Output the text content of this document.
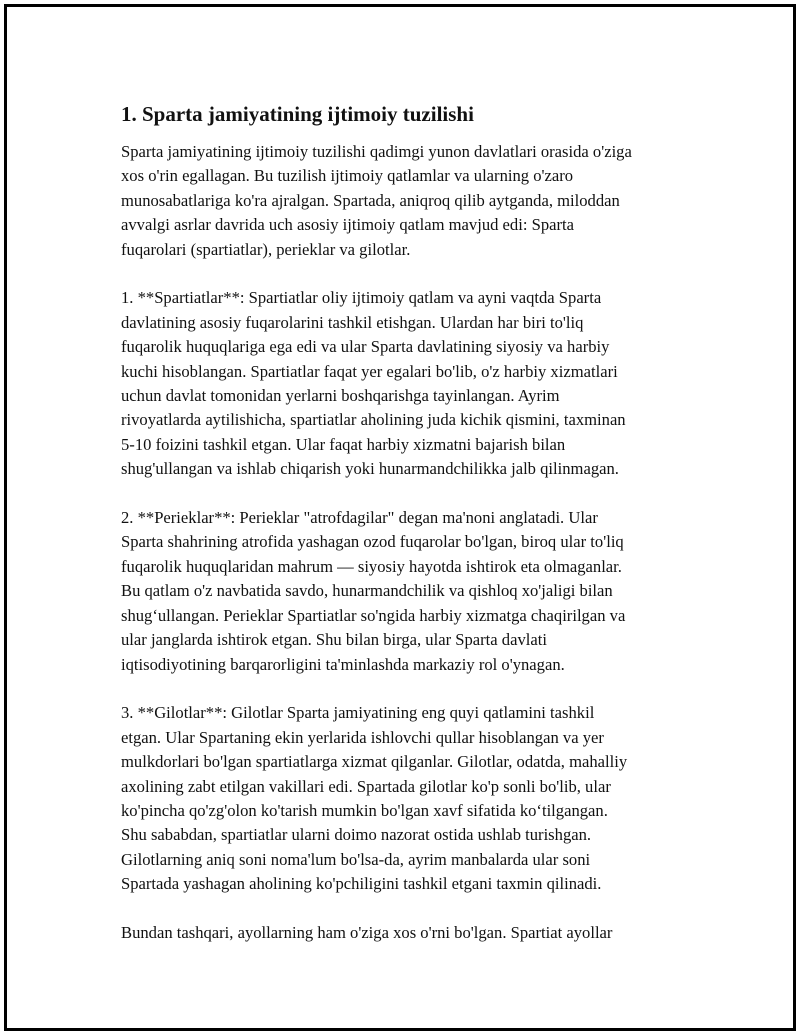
1. Sparta jamiyatining ijtimoiy tuzilishi

Sparta jamiyatining ijtimoiy tuzilishi qadimgi yunon davlatlari orasida o'ziga
xos o'rin egallagan. Bu tuzilish ijtimoiy qatlamlar va ularning o'zaro
munosabatlariga ko'ra ajralgan. Spartada, aniqroq qilib aytganda, miloddan
avvalgi asrlar davrida uch asosiy ijtimoiy qatlam mavjud edi: Sparta
fuqarolari (spartiatlar), perieklar va gilotlar.

1. **Spartiatlar**: Spartiatlar oliy ijtimoiy qatlam va ayni vaqtda Sparta
davlatining asosiy fuqarolarini tashkil etishgan. Ulardan har biri to'liq
fuqarolik huquqlariga ega edi va ular Sparta davlatining siyosiy va harbiy
kuchi hisoblangan. Spartiatlar faqat yer egalari bo'lib, o'z harbiy xizmatlari
uchun davlat tomonidan yerlarni boshqarishga tayinlangan. Ayrim
rivoyatlarda aytilishicha, spartiatlar aholining juda kichik qismini, taxminan
5-10 foizini tashkil etgan. Ular faqat harbiy xizmatni bajarish bilan
shug'ullangan va ishlab chiqarish yoki hunarmandchilikka jalb qilinmagan.

2. **Perieklar**: Perieklar "atrofdagilar" degan ma'noni anglatadi. Ular
Sparta shahrining atrofida yashagan ozod fuqarolar bo'lgan, biroq ular to'liq
fuqarolik huquqlaridan mahrum — siyosiy hayotda ishtirok eta olmaganlar.
Bu qatlam o'z navbatida savdo, hunarmandchilik va qishloq xo'jaligi bilan
shug‘ullangan. Perieklar Spartiatlar so'ngida harbiy xizmatga chaqirilgan va
ular janglarda ishtirok etgan. Shu bilan birga, ular Sparta davlati
iqtisodiyotining barqarorligini ta'minlashda markaziy rol o'ynagan.

3. **Gilotlar**: Gilotlar Sparta jamiyatining eng quyi qatlamini tashkil
etgan. Ular Spartaning ekin yerlarida ishlovchi qullar hisoblangan va yer
mulkdorlari bo'lgan spartiatlarga xizmat qilganlar. Gilotlar, odatda, mahalliy
axolining zabt etilgan vakillari edi. Spartada gilotlar ko'p sonli bo'lib, ular
ko'pincha qo'zg'olon ko'tarish mumkin bo'lgan xavf sifatida ko‘tilgangan.
Shu sababdan, spartiatlar ularni doimo nazorat ostida ushlab turishgan.
Gilotlarning aniq soni noma'lum bo'lsa-da, ayrim manbalarda ular soni
Spartada yashagan aholining ko'pchiligini tashkil etgani taxmin qilinadi.

Bundan tashqari, ayollarning ham o'ziga xos o'rni bo'lgan. Spartiat ayollar
